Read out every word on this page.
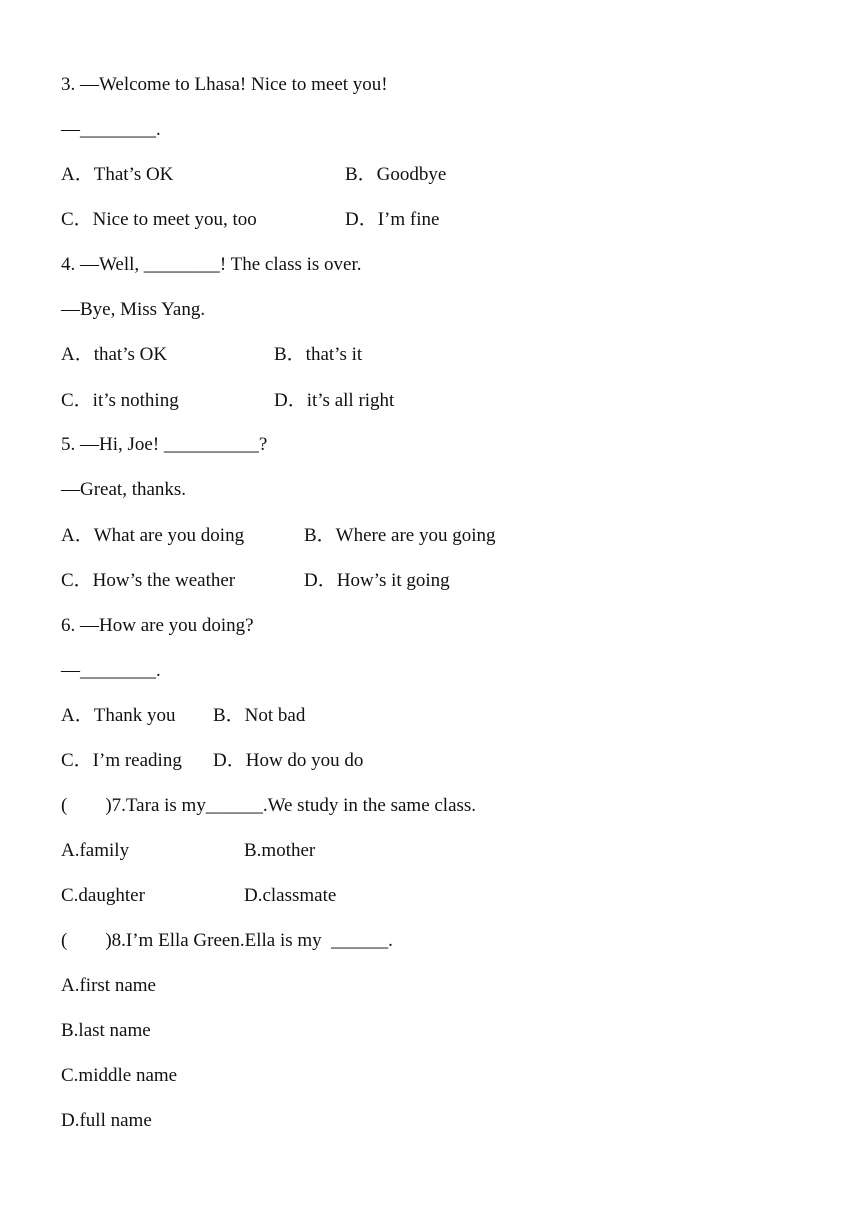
3. —Welcome to Lhasa! Nice to meet you!
—________.
A．That’s OK	B．Goodbye
C．Nice to meet you, too	D．I’m fine
4. —Well, ________! The class is over.
—Bye, Miss Yang.
A．that’s OK	B．that’s it
C．it’s nothing	D．it’s all right
5. —Hi, Joe! __________?
—Great, thanks.
A．What are you doing	B．Where are you going
C．How’s the weather	D．How’s it going
6. —How are you doing?
—________.
A．Thank you B．Not bad
C．I’m reading D．How do you do
(        )7.Tara is my______.We study in the same class.
A.family	B.mother
C.daughter	D.classmate
(        )8.I’m Ella Green.Ella is my  ______.
A.first name
B.last name
C.middle name
D.full name
